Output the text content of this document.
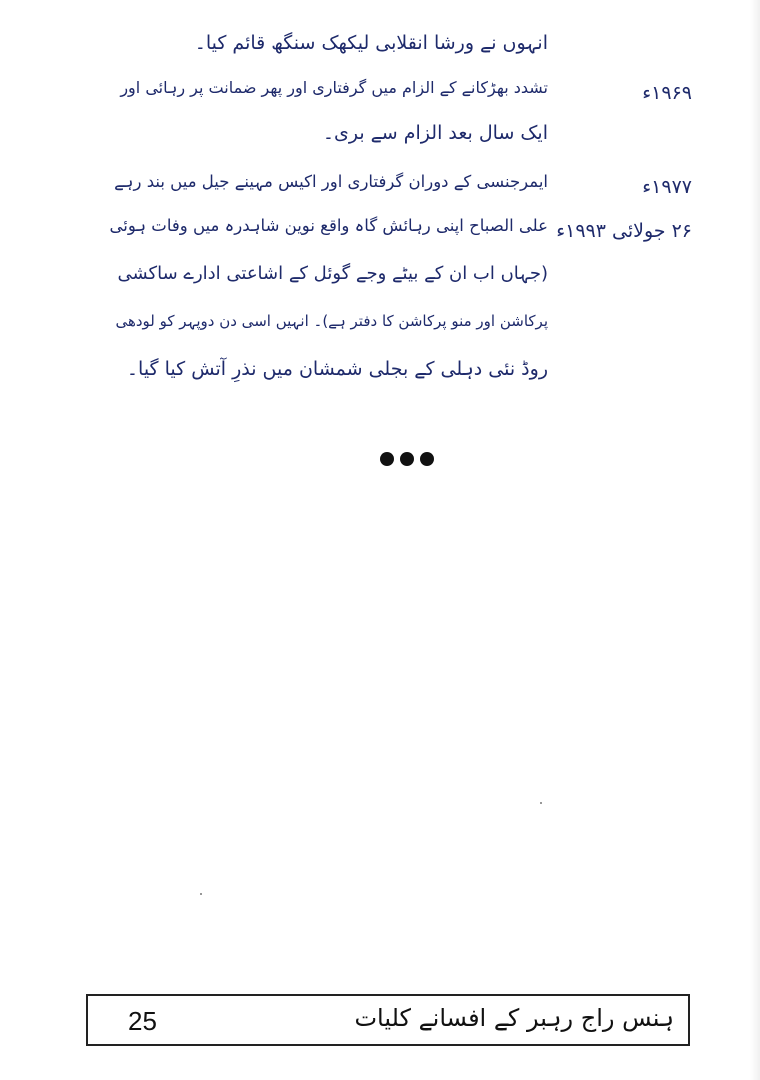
انہوں نے ورشا انقلابی لیکھک سنگھ قائم کیا۔
۱۹۶۹ء
تشدد بھڑکانے کے الزام میں گرفتاری اور پھر ضمانت پر رہائی اور
ایک سال بعد الزام سے بری۔
۱۹۷۷ء
ایمرجنسی کے دوران گرفتاری اور اکیس مہینے جیل میں بند رہے
۲۶ جولائی ۱۹۹۳ء
علی الصباح اپنی رہائش گاہ واقع نوین شاہدرہ میں وفات ہوئی
(جہاں اب ان کے بیٹے وجے گوئل کے اشاعتی ادارے ساکشی
پرکاشن اور منو پرکاشن کا دفتر ہے)۔ انہیں اسی دن دوپہر کو لودھی
روڈ نئی دہلی کے بجلی شمشان میں نذرِ آتش کیا گیا۔
25	ہنس راج رہبر کے افسانے کلیات
